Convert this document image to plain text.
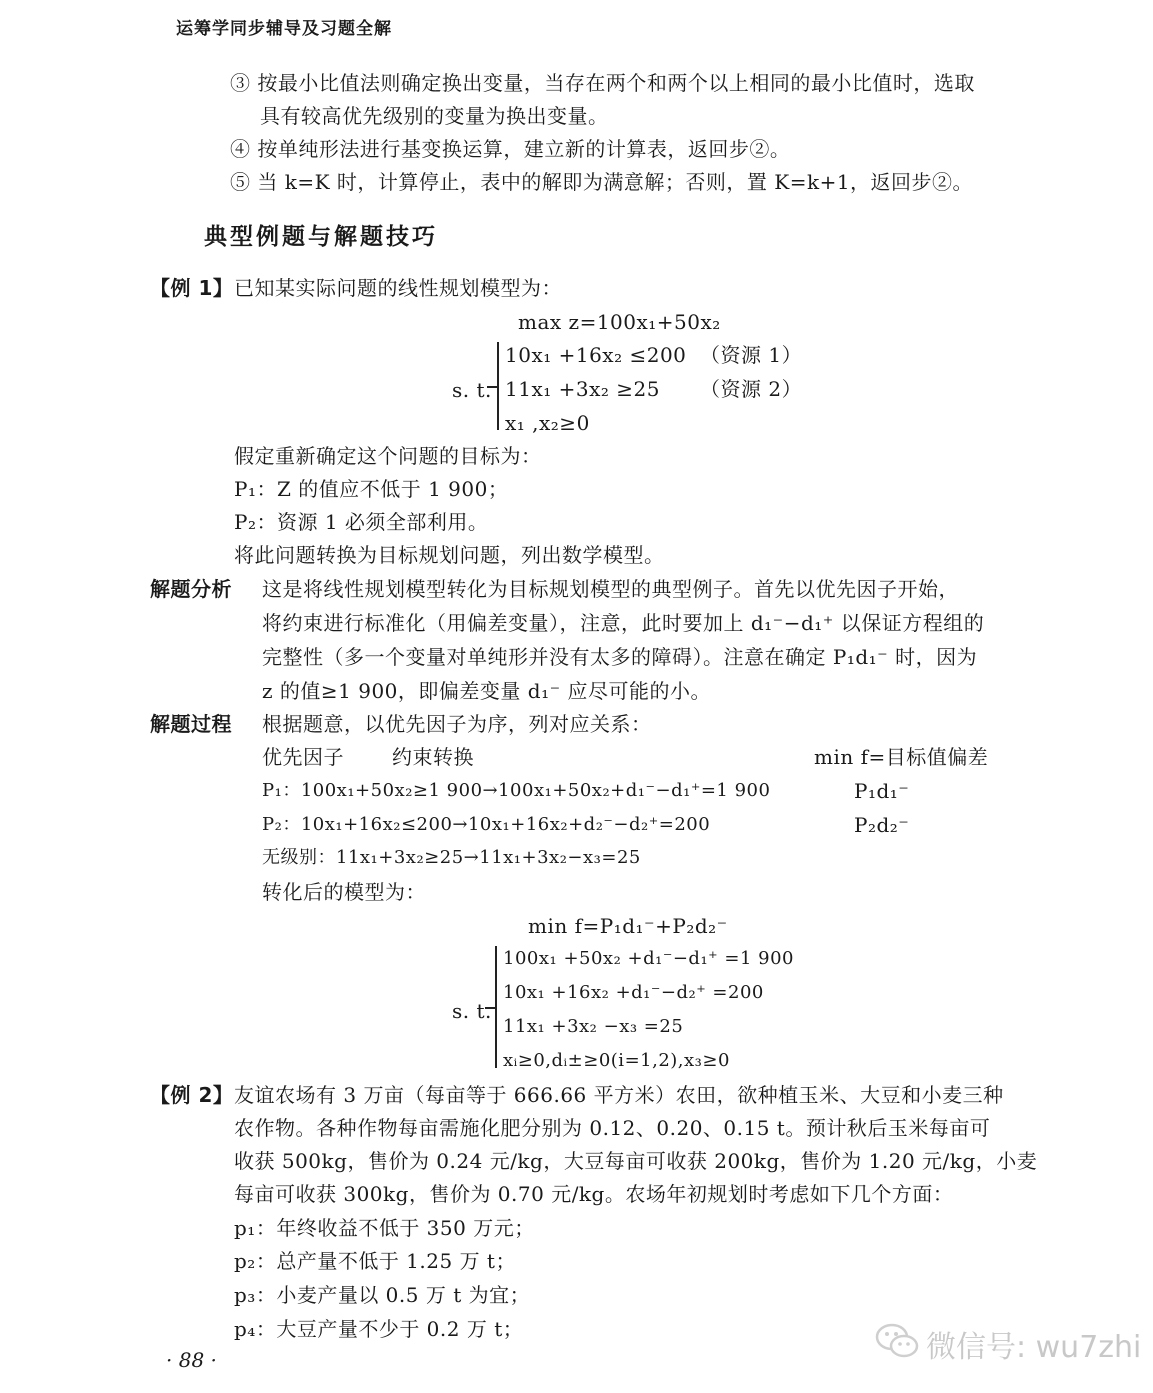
运筹学同步辅导及习题全解
③ 按最小比值法则确定换出变量，当存在两个和两个以上相同的最小比值时，选取
具有较高优先级别的变量为换出变量。
④ 按单纯形法进行基变换运算，建立新的计算表，返回步②。
⑤ 当 k=K 时，计算停止，表中的解即为满意解；否则，置 K=k+1，返回步②。
典型例题与解题技巧
【例 1】 已知某实际问题的线性规划模型为：
max z=100x₁+50x₂
s. t.
10x₁ +16x₂ ≤200 （资源 1）
11x₁ +3x₂ ≥25 （资源 2）
x₁ ,x₂≥0
假定重新确定这个问题的目标为：
P₁：Z 的值应不低于 1 900；
P₂：资源 1 必须全部利用。
将此问题转换为目标规划问题，列出数学模型。
解题分析 这是将线性规划模型转化为目标规划模型的典型例子。首先以优先因子开始，
将约束进行标准化（用偏差变量），注意，此时要加上 d₁⁻−d₁⁺ 以保证方程组的
完整性（多一个变量对单纯形并没有太多的障碍）。注意在确定 P₁d₁⁻ 时，因为
z 的值≥1 900，即偏差变量 d₁⁻ 应尽可能的小。
解题过程 根据题意，以优先因子为序，列对应关系：
优先因子 约束转换	min f=目标值偏差
P₁：100x₁+50x₂≥1 900→100x₁+50x₂+d₁⁻−d₁⁺=1 900	P₁d₁⁻
P₂：10x₁+16x₂≤200→10x₁+16x₂+d₂⁻−d₂⁺=200	P₂d₂⁻
无级别：11x₁+3x₂≥25→11x₁+3x₂−x₃=25
转化后的模型为：
min f=P₁d₁⁻+P₂d₂⁻
s. t.
100x₁ +50x₂ +d₁⁻−d₁⁺ =1 900
10x₁ +16x₂ +d₁⁻−d₂⁺ =200
11x₁ +3x₂ −x₃ =25
xᵢ≥0,dᵢ±≥0(i=1,2),x₃≥0
【例 2】 友谊农场有 3 万亩（每亩等于 666.66 平方米）农田，欲种植玉米、大豆和小麦三种
农作物。各种作物每亩需施化肥分别为 0.12、0.20、0.15 t。预计秋后玉米每亩可
收获 500kg，售价为 0.24 元/kg，大豆每亩可收获 200kg，售价为 1.20 元/kg，小麦
每亩可收获 300kg，售价为 0.70 元/kg。农场年初规划时考虑如下几个方面：
p₁：年终收益不低于 350 万元；
p₂：总产量不低于 1.25 万 t；
p₃：小麦产量以 0.5 万 t 为宜；
p₄：大豆产量不少于 0.2 万 t；
· 88 ·	微信号: wu7zhi
